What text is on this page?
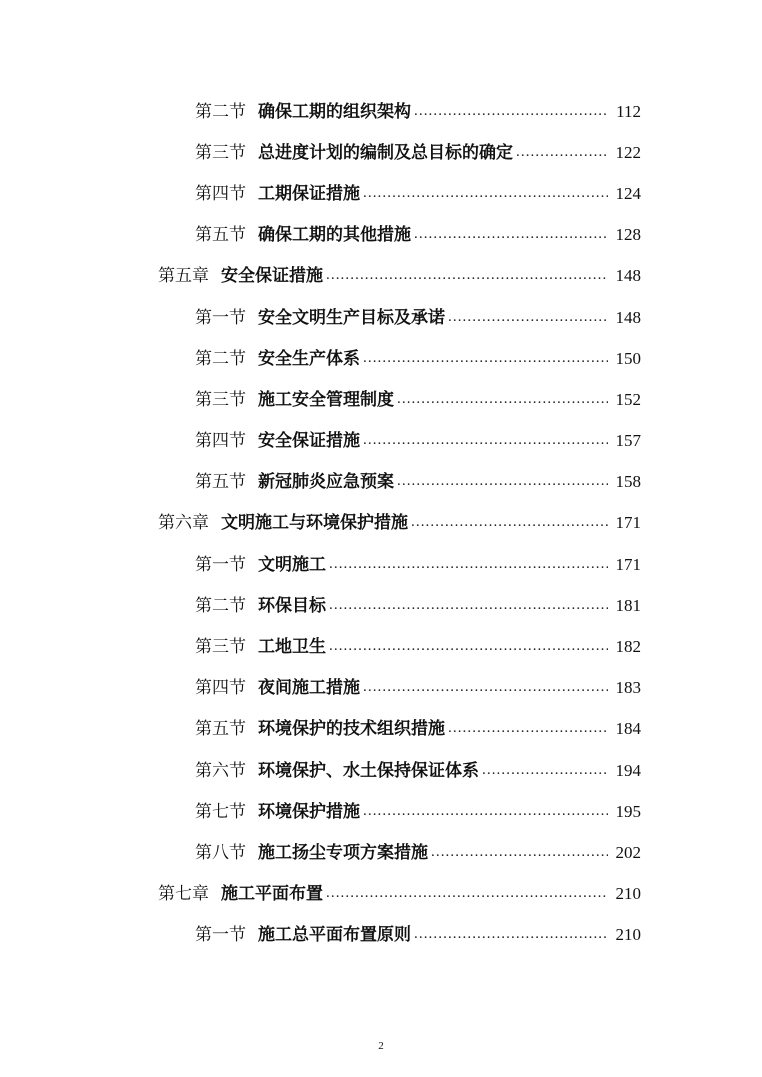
第二节 确保工期的组织架构 .....	112
第三节 总进度计划的编制及总目标的确定 .....	122
第四节 工期保证措施 .....	124
第五节 确保工期的其他措施 .....	128
第五章 安全保证措施 .....	148
第一节 安全文明生产目标及承诺 .....	148
第二节 安全生产体系 .....	150
第三节 施工安全管理制度 .....	152
第四节 安全保证措施 .....	157
第五节 新冠肺炎应急预案 .....	158
第六章 文明施工与环境保护措施 .....	171
第一节 文明施工 .....	171
第二节 环保目标 .....	181
第三节 工地卫生 .....	182
第四节 夜间施工措施 .....	183
第五节 环境保护的技术组织措施 .....	184
第六节 环境保护、水土保持保证体系 .....	194
第七节 环境保护措施 .....	195
第八节 施工扬尘专项方案措施 .....	202
第七章 施工平面布置 .....	210
第一节 施工总平面布置原则 .....	210
2
